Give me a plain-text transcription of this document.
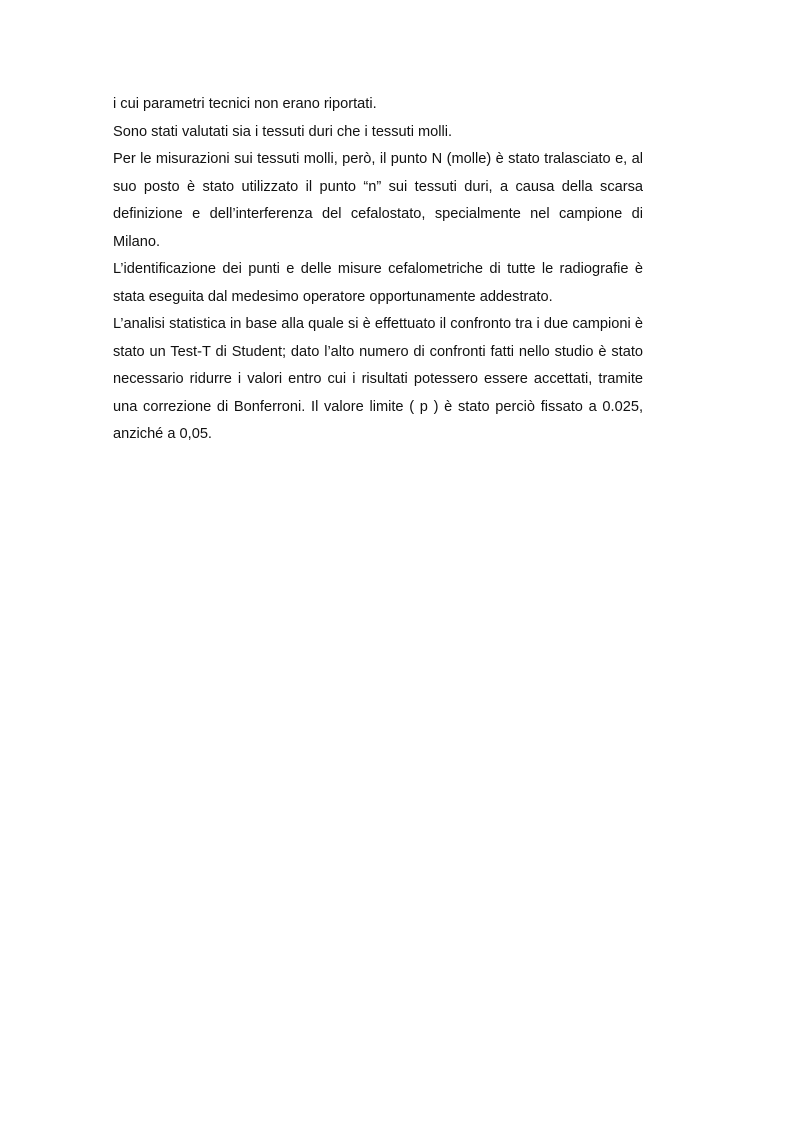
i cui parametri tecnici non erano riportati.

Sono stati valutati sia i tessuti duri che i tessuti molli.

Per le misurazioni sui tessuti molli, però, il punto N (molle) è stato tralasciato e, al suo posto è stato utilizzato il punto “n” sui tessuti duri, a causa della scarsa definizione e dell’interferenza del cefalostato, specialmente nel campione di Milano.

L’identificazione dei punti e delle misure cefalometriche di tutte le radiografie è stata eseguita dal medesimo operatore opportunamente addestrato.

L’analisi statistica in base alla quale si è effettuato il confronto tra i due campioni è stato un Test-T di Student; dato l’alto numero di confronti fatti nello studio è stato necessario ridurre i valori entro cui i risultati potessero essere accettati, tramite una correzione di Bonferroni. Il valore limite ( p ) è stato perciò fissato a 0.025, anziché a 0,05.
